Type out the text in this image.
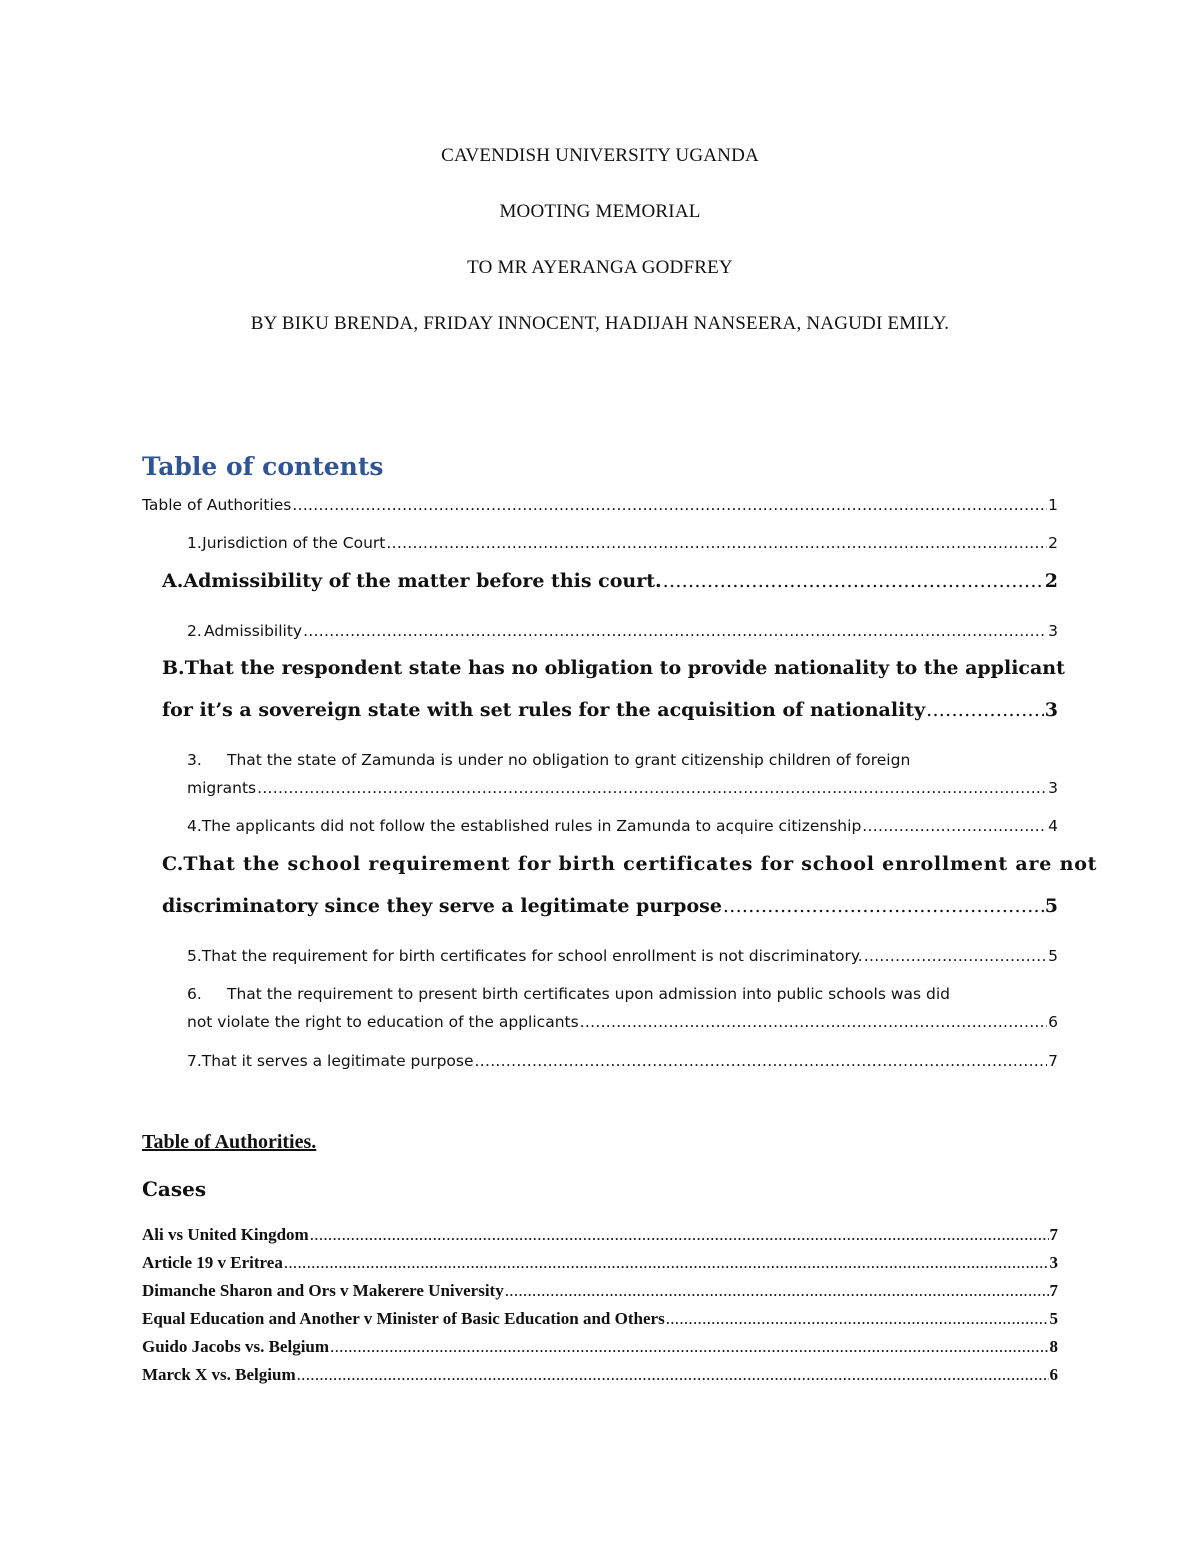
CAVENDISH UNIVERSITY UGANDA
MOOTING MEMORIAL
TO MR AYERANGA GODFREY
BY BIKU BRENDA, FRIDAY INNOCENT, HADIJAH NANSEERA, NAGUDI EMILY.
Table of contents
Table of Authorities .....	1
1. Jurisdiction of the Court .....	2
A. Admissibility of the matter before this court. .....	2
2. Admissibility .....	3
B. That the respondent state has no obligation to provide nationality to the applicant
for it’s a sovereign state with set rules for the acquisition of nationality .....	3
3.	That the state of Zamunda is under no obligation to grant citizenship children of foreign
migrants .....	3
4. The applicants did not follow the established rules in Zamunda to acquire citizenship .....	4
C. That the school requirement for birth certificates for school enrollment are not
discriminatory since they serve a legitimate purpose .....	5
5. That the requirement for birth certificates for school enrollment is not discriminatory. .....	5
6.	That the requirement to present birth certificates upon admission into public schools was did
not violate the right to education of the applicants .....	6
7. That it serves a legitimate purpose .....	7
Table of Authorities.
Cases
Ali vs United Kingdom .....	7
Article 19 v Eritrea .....	3
Dimanche Sharon and Ors v Makerere University .....	7
Equal Education and Another v Minister of Basic Education and Others .....	5
Guido Jacobs vs. Belgium .....	8
Marck X vs. Belgium .....	6
